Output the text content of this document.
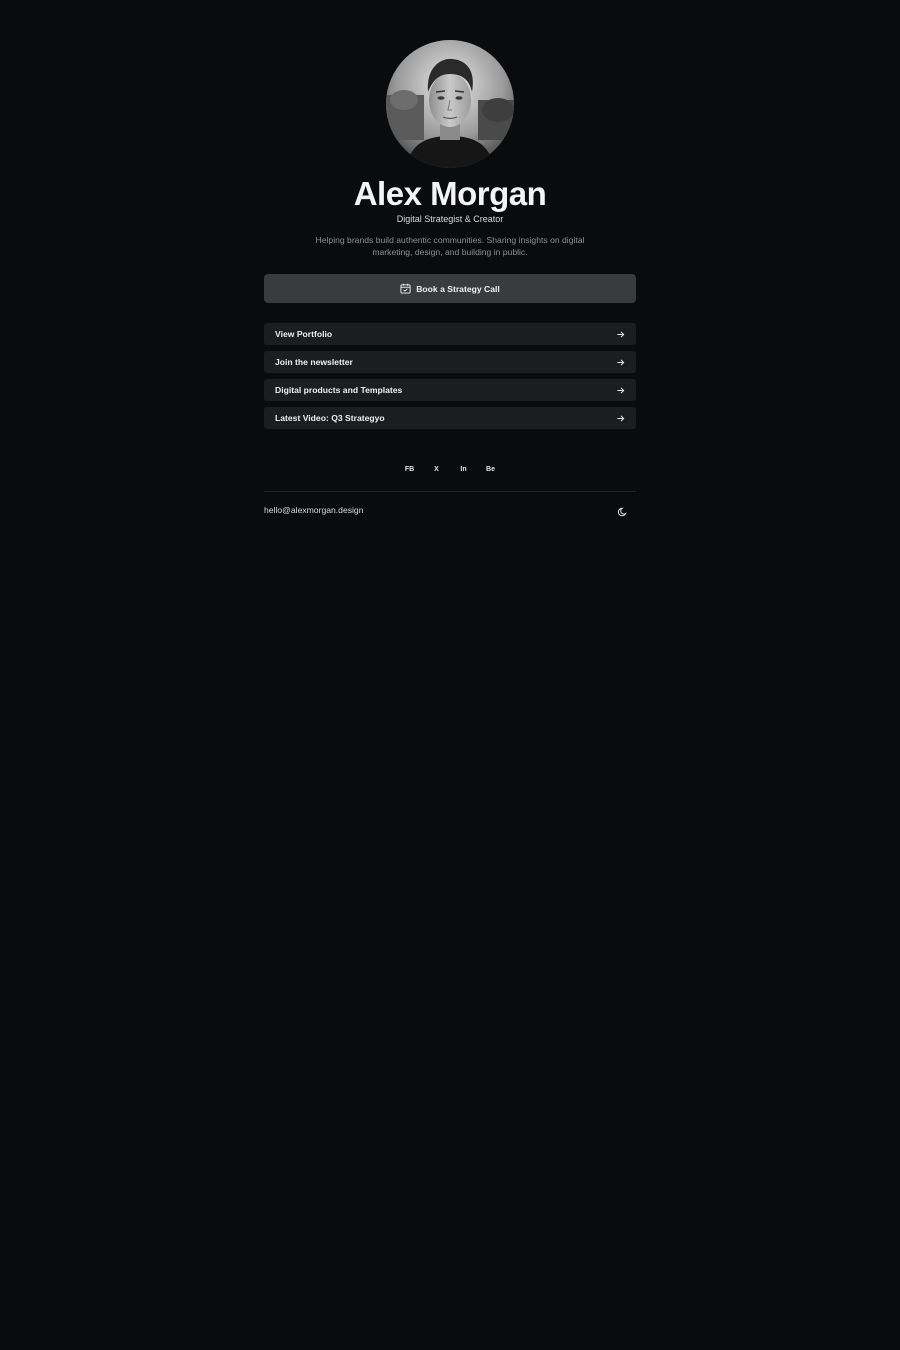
Alex Morgan
Digital Strategist & Creator
Helping brands build authentic communities. Sharing insights on digital marketing, design, and building in public.
Book a Strategy Call
View Portfolio
Join the newsletter
Digital products and Templates
Latest Video: Q3 Strategyo
FB	X	In	Be
hello@alexmorgan.design
